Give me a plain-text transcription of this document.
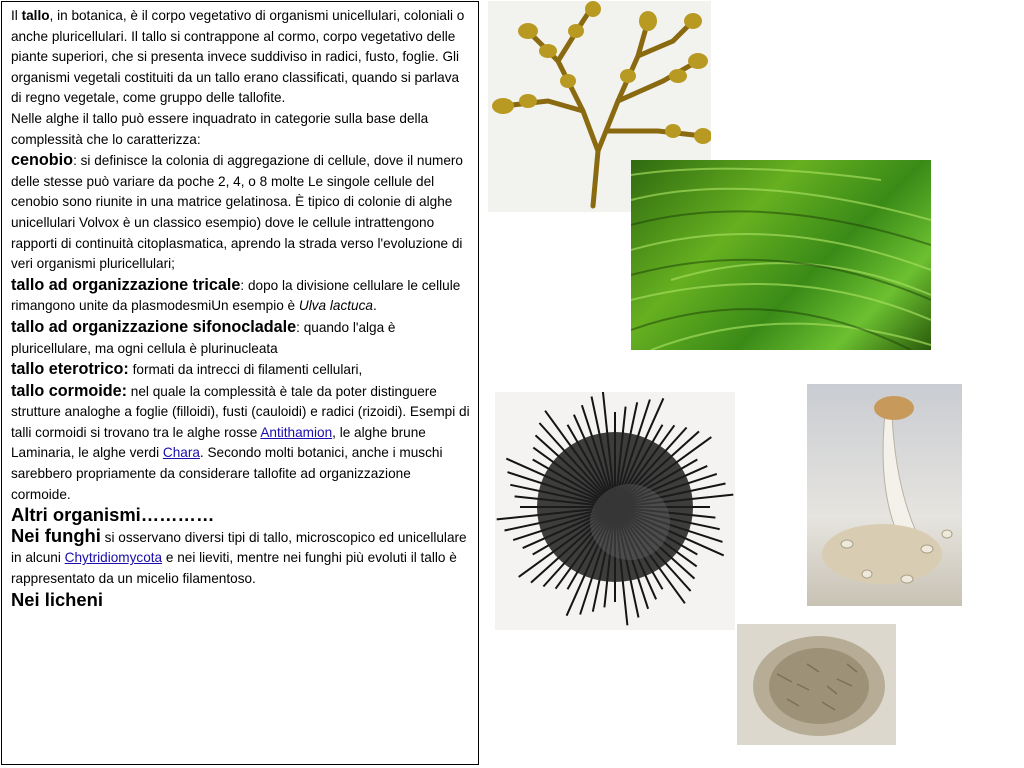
Il tallo, in botanica, è il corpo vegetativo di organismi unicellulari, coloniali o anche pluricellulari. Il tallo si contrappone al cormo, corpo vegetativo delle piante superiori, che si presenta invece suddiviso in radici, fusto, foglie. Gli organismi vegetali costituiti da un tallo erano classificati, quando si parlava di regno vegetale, come gruppo delle tallofite.

Nelle alghe il tallo può essere inquadrato in categorie sulla base della complessità che lo caratterizza:

cenobio: si definisce la colonia di aggregazione di cellule, dove il numero delle stesse può variare da poche 2, 4, o 8 molte Le singole cellule del cenobio sono riunite in una matrice gelatinosa. È tipico di colonie di alghe unicellulari Volvox è un classico esempio) dove le cellule intrattengono rapporti di continuità citoplasmatica, aprendo la strada verso l'evoluzione di veri organismi pluricellulari;

tallo ad organizzazione tricale: dopo la divisione cellulare le cellule rimangono unite da plasmodesmiUn esempio è Ulva lactuca.

tallo ad organizzazione sifonocladale: quando l'alga è pluricellulare, ma ogni cellula è plurinucleata

tallo eterotrico: formati da intrecci di filamenti cellulari,

tallo cormoide: nel quale la complessità è tale da poter distinguere strutture analoghe a foglie (filloidi), fusti (cauloidi) e radici (rizoidi). Esempi di talli cormoidi si trovano tra le alghe rosse Antithamion, le alghe brune Laminaria, le alghe verdi Chara. Secondo molti botanici, anche i muschi sarebbero propriamente da considerare tallofite ad organizzazione cormoide.

Altri organismi…………

Nei funghi si osservano diversi tipi di tallo, microscopico ed unicellulare in alcuni Chytridiomycota e nei lieviti, mentre nei funghi più evoluti il tallo è rappresentato da un micelio filamentoso.

Nei licheni
